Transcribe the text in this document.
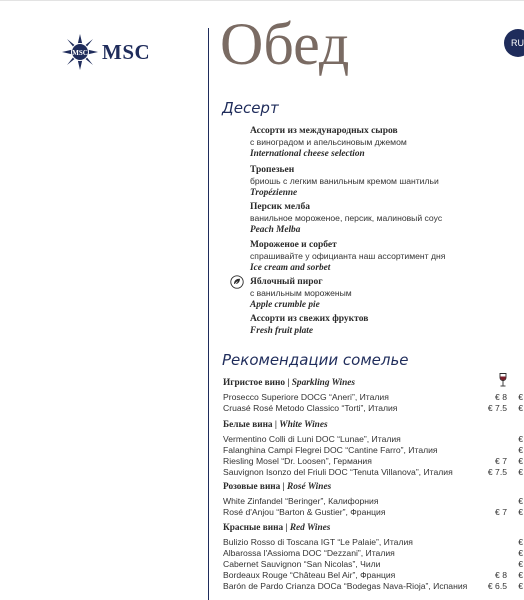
MSC MSC	RU
Обед
Десерт
Ассорти из международных сыров
с виноградом и апельсиновым джемом
International cheese selection
Тропезьен
бриошь с легким ванильным кремом шантильи
Tropézienne
Персик мелба
ванильное мороженое, персик, малиновый соус
Peach Melba
Мороженое и сорбет
спрашивайте у официанта наш ассортимент дня
Ice cream and sorbet
Яблочный пирог
с ванильным мороженым
Apple crumble pie
Ассорти из свежих фруктов
Fresh fruit plate
Рекомендации сомелье
Игристое вино | Sparkling Wines
Prosecco Superiore DOCG “Aneri”, Италия	€ 8 €
Cruasé Rosé Metodo Classico “Torti”, Италия	€ 7.5 €
Белые вина | White Wines
Vermentino Colli di Luni DOC “Lunae”, Италия	€
Falanghina Campi Flegrei DOC “Cantine Farro”, Италия	€
Riesling Mosel “Dr. Loosen”, Германия	€ 7 €
Sauvignon Isonzo del Friuli DOC “Tenuta Villanova”, Италия	€ 7.5 €
Розовые вина | Rosé Wines
White Zinfandel “Beringer”, Калифорния	€
Rosé d'Anjou “Barton & Gustier”, Франция	€ 7 €
Красные вина | Red Wines
Bulizio Rosso di Toscana IGT “Le Palaie”, Италия	€
Albarossa l'Assioma DOC “Dezzani”, Италия	€
Cabernet Sauvignon “San Nicolas”, Чили	€
Bordeaux Rouge “Château Bel Air”, Франция	€ 8 €
Barón de Pardo Crianza DOCa “Bodegas Nava-Rioja”, Испания € 6.5 €
